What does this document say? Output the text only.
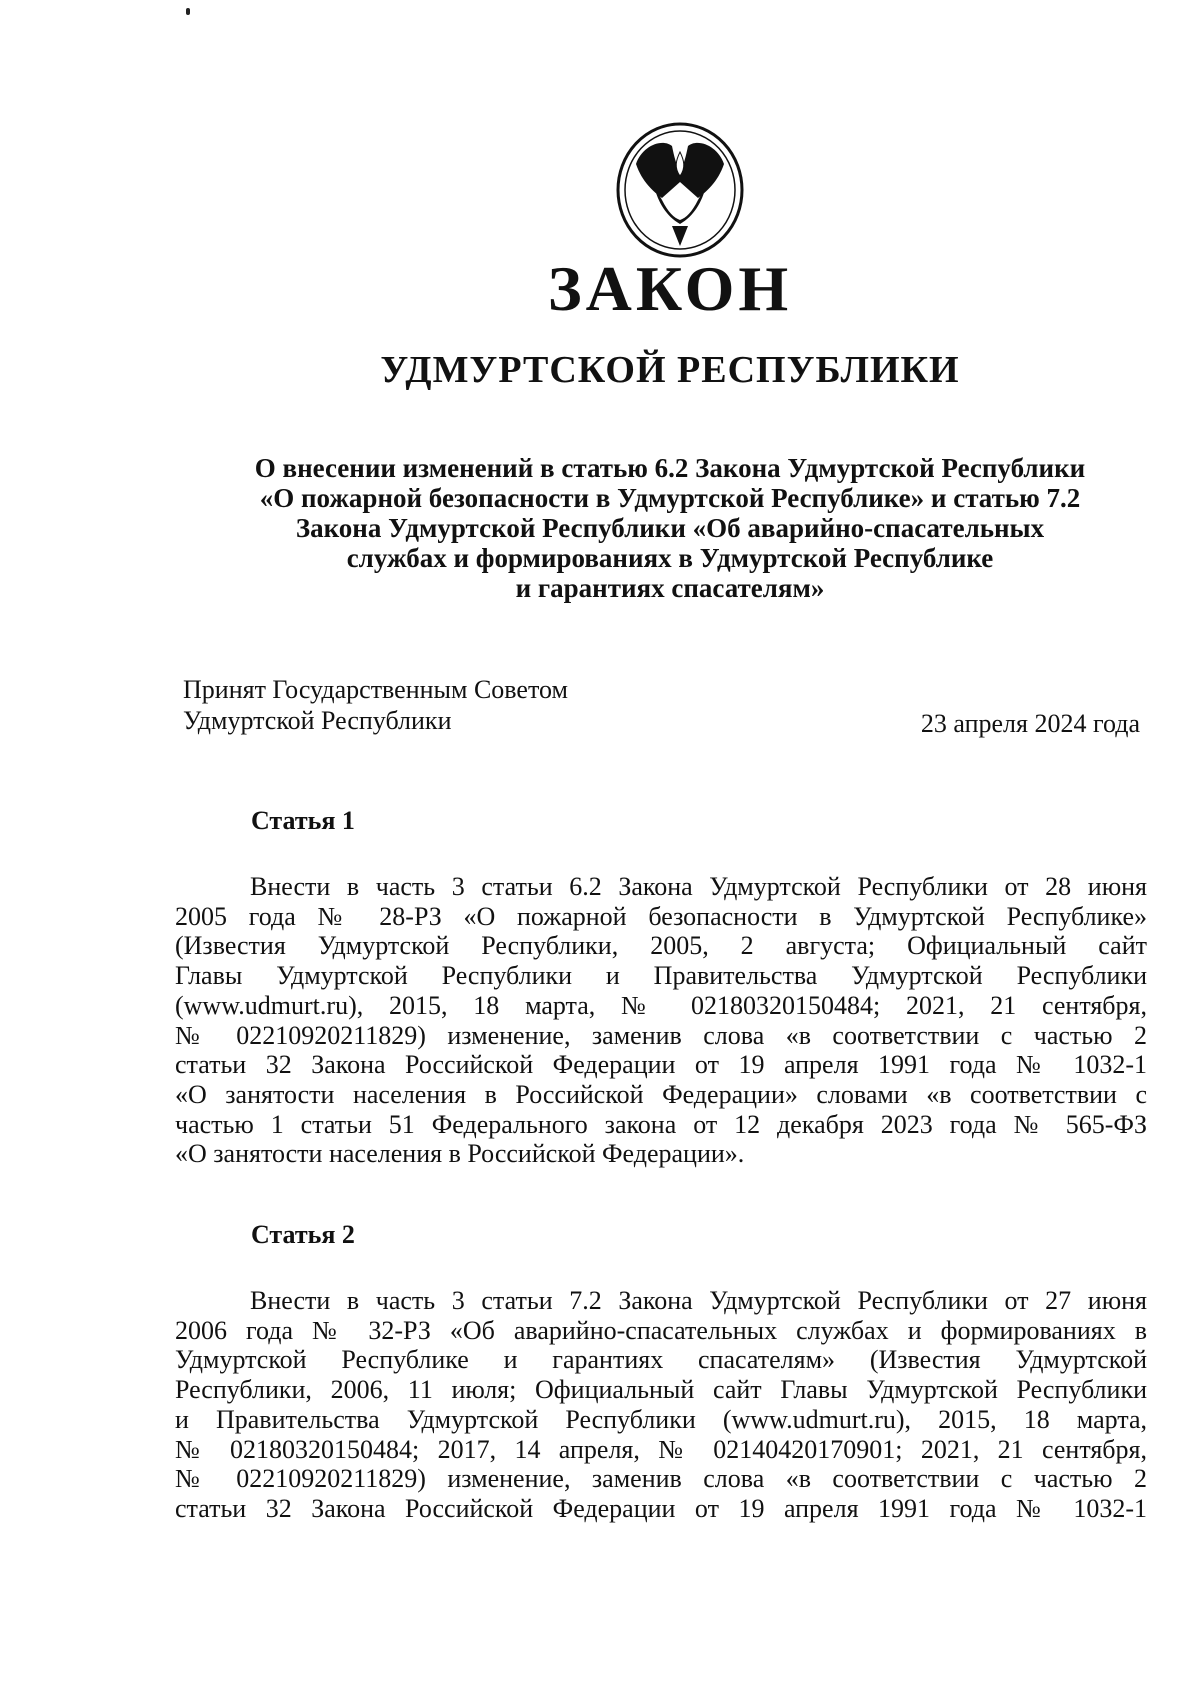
ЗАКОН
УДМУРТСКОЙ РЕСПУБЛИКИ
О внесении изменений в статью 6.2 Закона Удмуртской Республики
«О пожарной безопасности в Удмуртской Республике» и статью 7.2
Закона Удмуртской Республики «Об аварийно-спасательных
службах и формированиях в Удмуртской Республике
и гарантиях спасателям»
Принят Государственным Советом
Удмуртской Республики	23 апреля 2024 года
Статья 1
Внести в часть 3 статьи 6.2 Закона Удмуртской Республики от 28 июня
2005 года № 28-РЗ «О пожарной безопасности в Удмуртской Республике»
(Известия Удмуртской Республики, 2005, 2 августа; Официальный сайт
Главы Удмуртской Республики и Правительства Удмуртской Республики
(www.udmurt.ru), 2015, 18 марта, № 02180320150484; 2021, 21 сентября,
№ 02210920211829) изменение, заменив слова «в соответствии с частью 2
статьи 32 Закона Российской Федерации от 19 апреля 1991 года № 1032-1
«О занятости населения в Российской Федерации» словами «в соответствии с
частью 1 статьи 51 Федерального закона от 12 декабря 2023 года № 565-ФЗ
«О занятости населения в Российской Федерации».
Статья 2
Внести в часть 3 статьи 7.2 Закона Удмуртской Республики от 27 июня
2006 года № 32-РЗ «Об аварийно-спасательных службах и формированиях в
Удмуртской Республике и гарантиях спасателям» (Известия Удмуртской
Республики, 2006, 11 июля; Официальный сайт Главы Удмуртской Республики
и Правительства Удмуртской Республики (www.udmurt.ru), 2015, 18 марта,
№ 02180320150484; 2017, 14 апреля, № 02140420170901; 2021, 21 сентября,
№ 02210920211829) изменение, заменив слова «в соответствии с частью 2
статьи 32 Закона Российской Федерации от 19 апреля 1991 года № 1032-1
